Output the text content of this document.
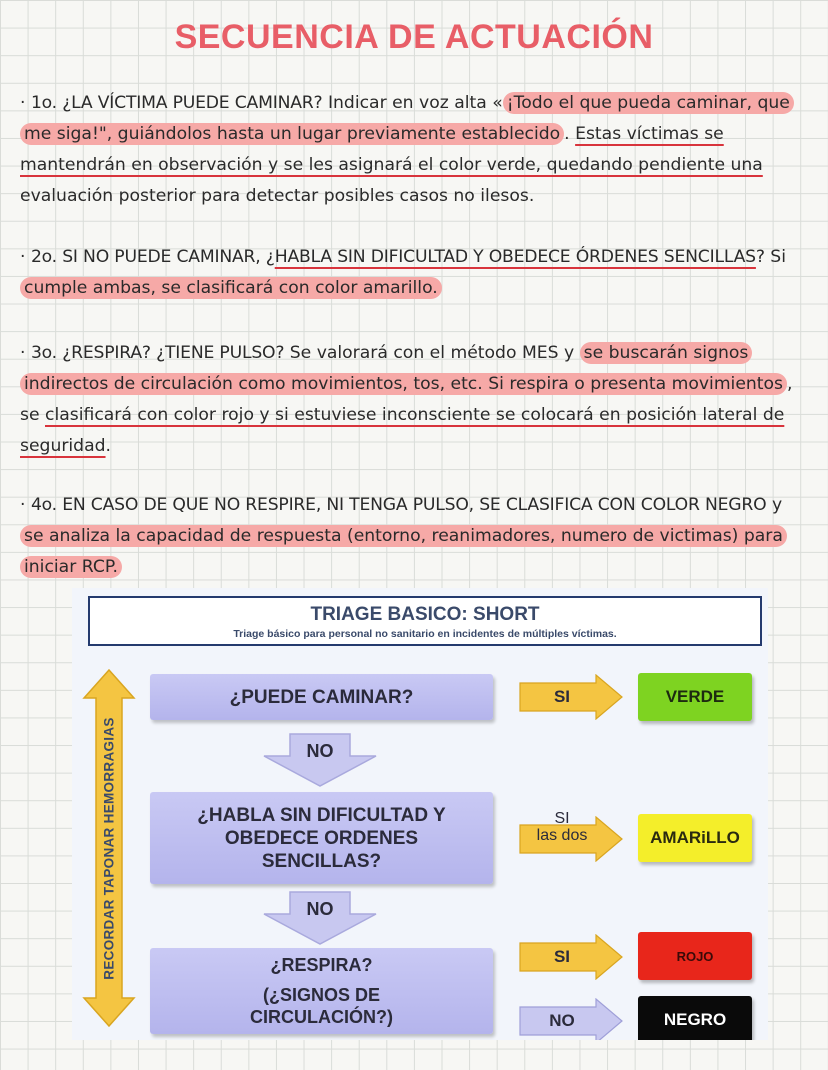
SECUENCIA DE ACTUACIÓN
· 1o. ¿LA VÍCTIMA PUEDE CAMINAR? Indicar en voz alta « ¡Todo el que pueda caminar, que me siga!", guiándolos hasta un lugar previamente establecido . Estas víctimas se mantendrán en observación y se les asignará el color verde, quedando pendiente una evaluación posterior para detectar posibles casos no ilesos.
· 2o. SI NO PUEDE CAMINAR, ¿HABLA SIN DIFICULTAD Y OBEDECE ÓRDENES SENCILLAS? Si cumple ambas, se clasificará con color amarillo.
· 3o. ¿RESPIRA? ¿TIENE PULSO? Se valorará con el método MES y se buscarán signos indirectos de circulación como movimientos, tos, etc. Si respira o presenta movimientos , se clasificará con color rojo y si estuviese inconsciente se colocará en posición lateral de seguridad.
· 4o. EN CASO DE QUE NO RESPIRE, NI TENGA PULSO, SE CLASIFICA CON COLOR NEGRO y se analiza la capacidad de respuesta (entorno, reanimadores, numero de victimas) para iniciar RCP.
TRIAGE BASICO: SHORT
Triage básico para personal no sanitario en incidentes de múltiples víctimas.
RECORDAR TAPONAR HEMORRAGIAS
¿PUEDE CAMINAR?
NO
¿HABLA SIN DIFICULTAD Y
OBEDECE ORDENES
SENCILLAS?
NO
¿RESPIRA?
(¿SIGNOS DE
CIRCULACIÓN?)
SI
SI
las dos
SI
NO
VERDE
AMARiLLO
ROJO
NEGRO
